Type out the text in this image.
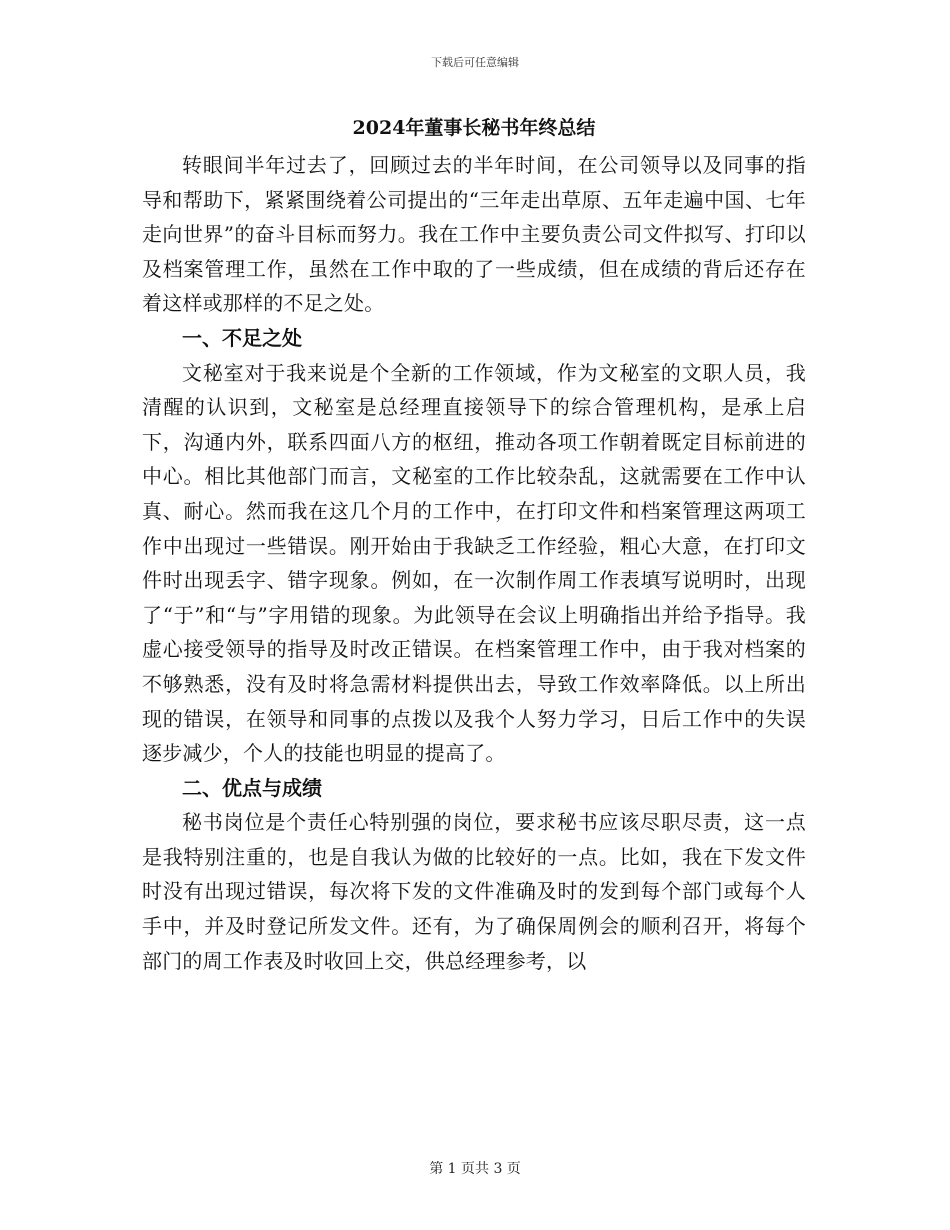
下载后可任意编辑
2024年董事长秘书年终总结

转眼间半年过去了，回顾过去的半年时间，在公司领导以及同事的指导和帮助下，紧紧围绕着公司提出的“三年走出草原、五年走遍中国、七年走向世界”的奋斗目标而努力。我在工作中主要负责公司文件拟写、打印以及档案管理工作，虽然在工作中取的了一些成绩，但在成绩的背后还存在着这样或那样的不足之处。

一、不足之处

文秘室对于我来说是个全新的工作领域，作为文秘室的文职人员，我清醒的认识到，文秘室是总经理直接领导下的综合管理机构，是承上启下，沟通内外，联系四面八方的枢纽，推动各项工作朝着既定目标前进的中心。相比其他部门而言，文秘室的工作比较杂乱，这就需要在工作中认真、耐心。然而我在这几个月的工作中，在打印文件和档案管理这两项工作中出现过一些错误。刚开始由于我缺乏工作经验，粗心大意，在打印文件时出现丢字、错字现象。例如，在一次制作周工作表填写说明时，出现了“于”和“与”字用错的现象。为此领导在会议上明确指出并给予指导。我虚心接受领导的指导及时改正错误。在档案管理工作中，由于我对档案的不够熟悉，没有及时将急需材料提供出去，导致工作效率降低。以上所出现的错误，在领导和同事的点拨以及我个人努力学习，日后工作中的失误逐步减少，个人的技能也明显的提高了。

二、优点与成绩

秘书岗位是个责任心特别强的岗位，要求秘书应该尽职尽责，这一点是我特别注重的，也是自我认为做的比较好的一点。比如，我在下发文件时没有出现过错误，每次将下发的文件准确及时的发到每个部门或每个人手中，并及时登记所发文件。还有，为了确保周例会的顺利召开，将每个部门的周工作表及时收回上交，供总经理参考，以

第 1 页共 3 页
